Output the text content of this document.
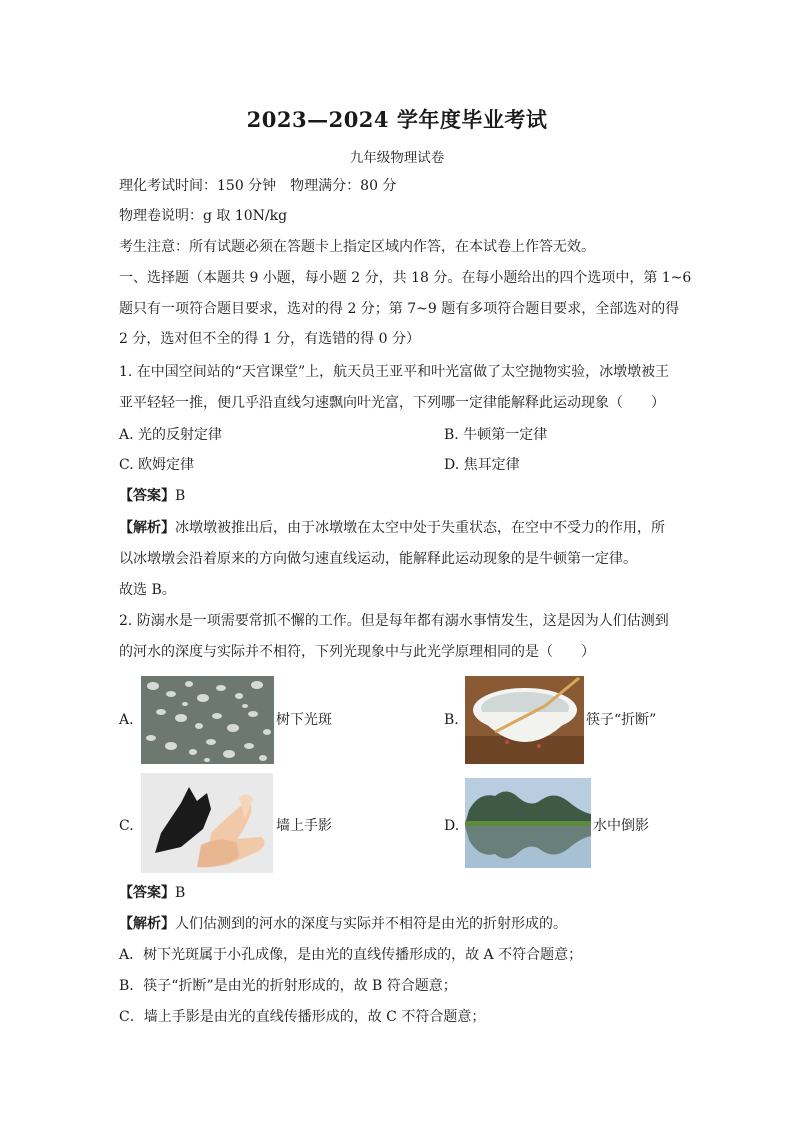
2023—2024 学年度毕业考试
九年级物理试卷
理化考试时间：150 分钟　物理满分：80 分
物理卷说明：g 取 10N/kg
考生注意：所有试题必须在答题卡上指定区域内作答，在本试卷上作答无效。
一、选择题（本题共 9 小题，每小题 2 分，共 18 分。在每小题给出的四个选项中，第 1~6
题只有一项符合题目要求，选对的得 2 分；第 7~9 题有多项符合题目要求，全部选对的得
2 分，选对但不全的得 1 分，有选错的得 0 分）
1. 在中国空间站的“天宫课堂”上，航天员王亚平和叶光富做了太空抛物实验，冰墩墩被王
亚平轻轻一推，便几乎沿直线匀速飘向叶光富，下列哪一定律能解释此运动现象（　　）
A. 光的反射定律	B. 牛顿第一定律
C. 欧姆定律	D. 焦耳定律
【答案】B
【解析】冰墩墩被推出后，由于冰墩墩在太空中处于失重状态，在空中不受力的作用，所
以冰墩墩会沿着原来的方向做匀速直线运动，能解释此运动现象的是牛顿第一定律。
故选 B。
2. 防溺水是一项需要常抓不懈的工作。但是每年都有溺水事情发生，这是因为人们估测到
的河水的深度与实际并不相符，下列光现象中与此光学原理相同的是（　　）
A.	树下光斑	B.	筷子“折断”
C.	墙上手影	D.	水中倒影
【答案】B
【解析】人们估测到的河水的深度与实际并不相符是由光的折射形成的。
A．树下光斑属于小孔成像，是由光的直线传播形成的，故 A 不符合题意；
B．筷子“折断”是由光的折射形成的，故 B 符合题意；
C．墙上手影是由光的直线传播形成的，故 C 不符合题意；
